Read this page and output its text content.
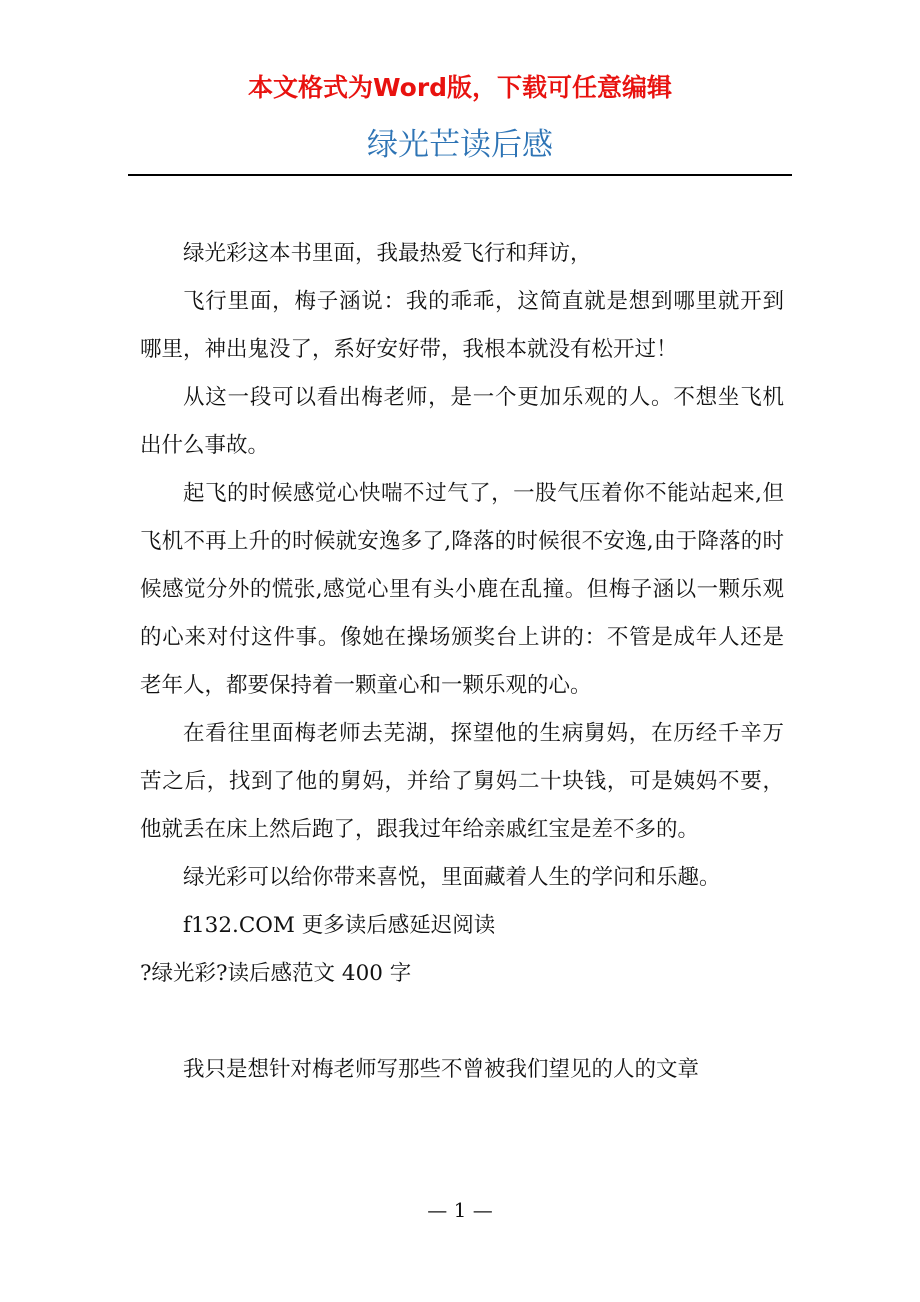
本文格式为Word版，下载可任意编辑
绿光芒读后感

绿光彩这本书里面，我最热爱飞行和拜访，

飞行里面，梅子涵说：我的乖乖，这简直就是想到哪里就开到哪里，神出鬼没了，系好安好带，我根本就没有松开过！

从这一段可以看出梅老师，是一个更加乐观的人。不想坐飞机出什么事故。

起飞的时候感觉心快喘不过气了，一股气压着你不能站起来,但飞机不再上升的时候就安逸多了,降落的时候很不安逸,由于降落的时候感觉分外的慌张,感觉心里有头小鹿在乱撞。但梅子涵以一颗乐观的心来对付这件事。像她在操场颁奖台上讲的：不管是成年人还是老年人，都要保持着一颗童心和一颗乐观的心。

在看往里面梅老师去芜湖，探望他的生病舅妈，在历经千辛万苦之后，找到了他的舅妈，并给了舅妈二十块钱，可是姨妈不要，他就丢在床上然后跑了，跟我过年给亲戚红宝是差不多的。

绿光彩可以给你带来喜悦，里面藏着人生的学问和乐趣。

f132.COM 更多读后感延迟阅读

?绿光彩?读后感范文 400 字

我只是想针对梅老师写那些不曾被我们望见的人的文章

— 1 —
